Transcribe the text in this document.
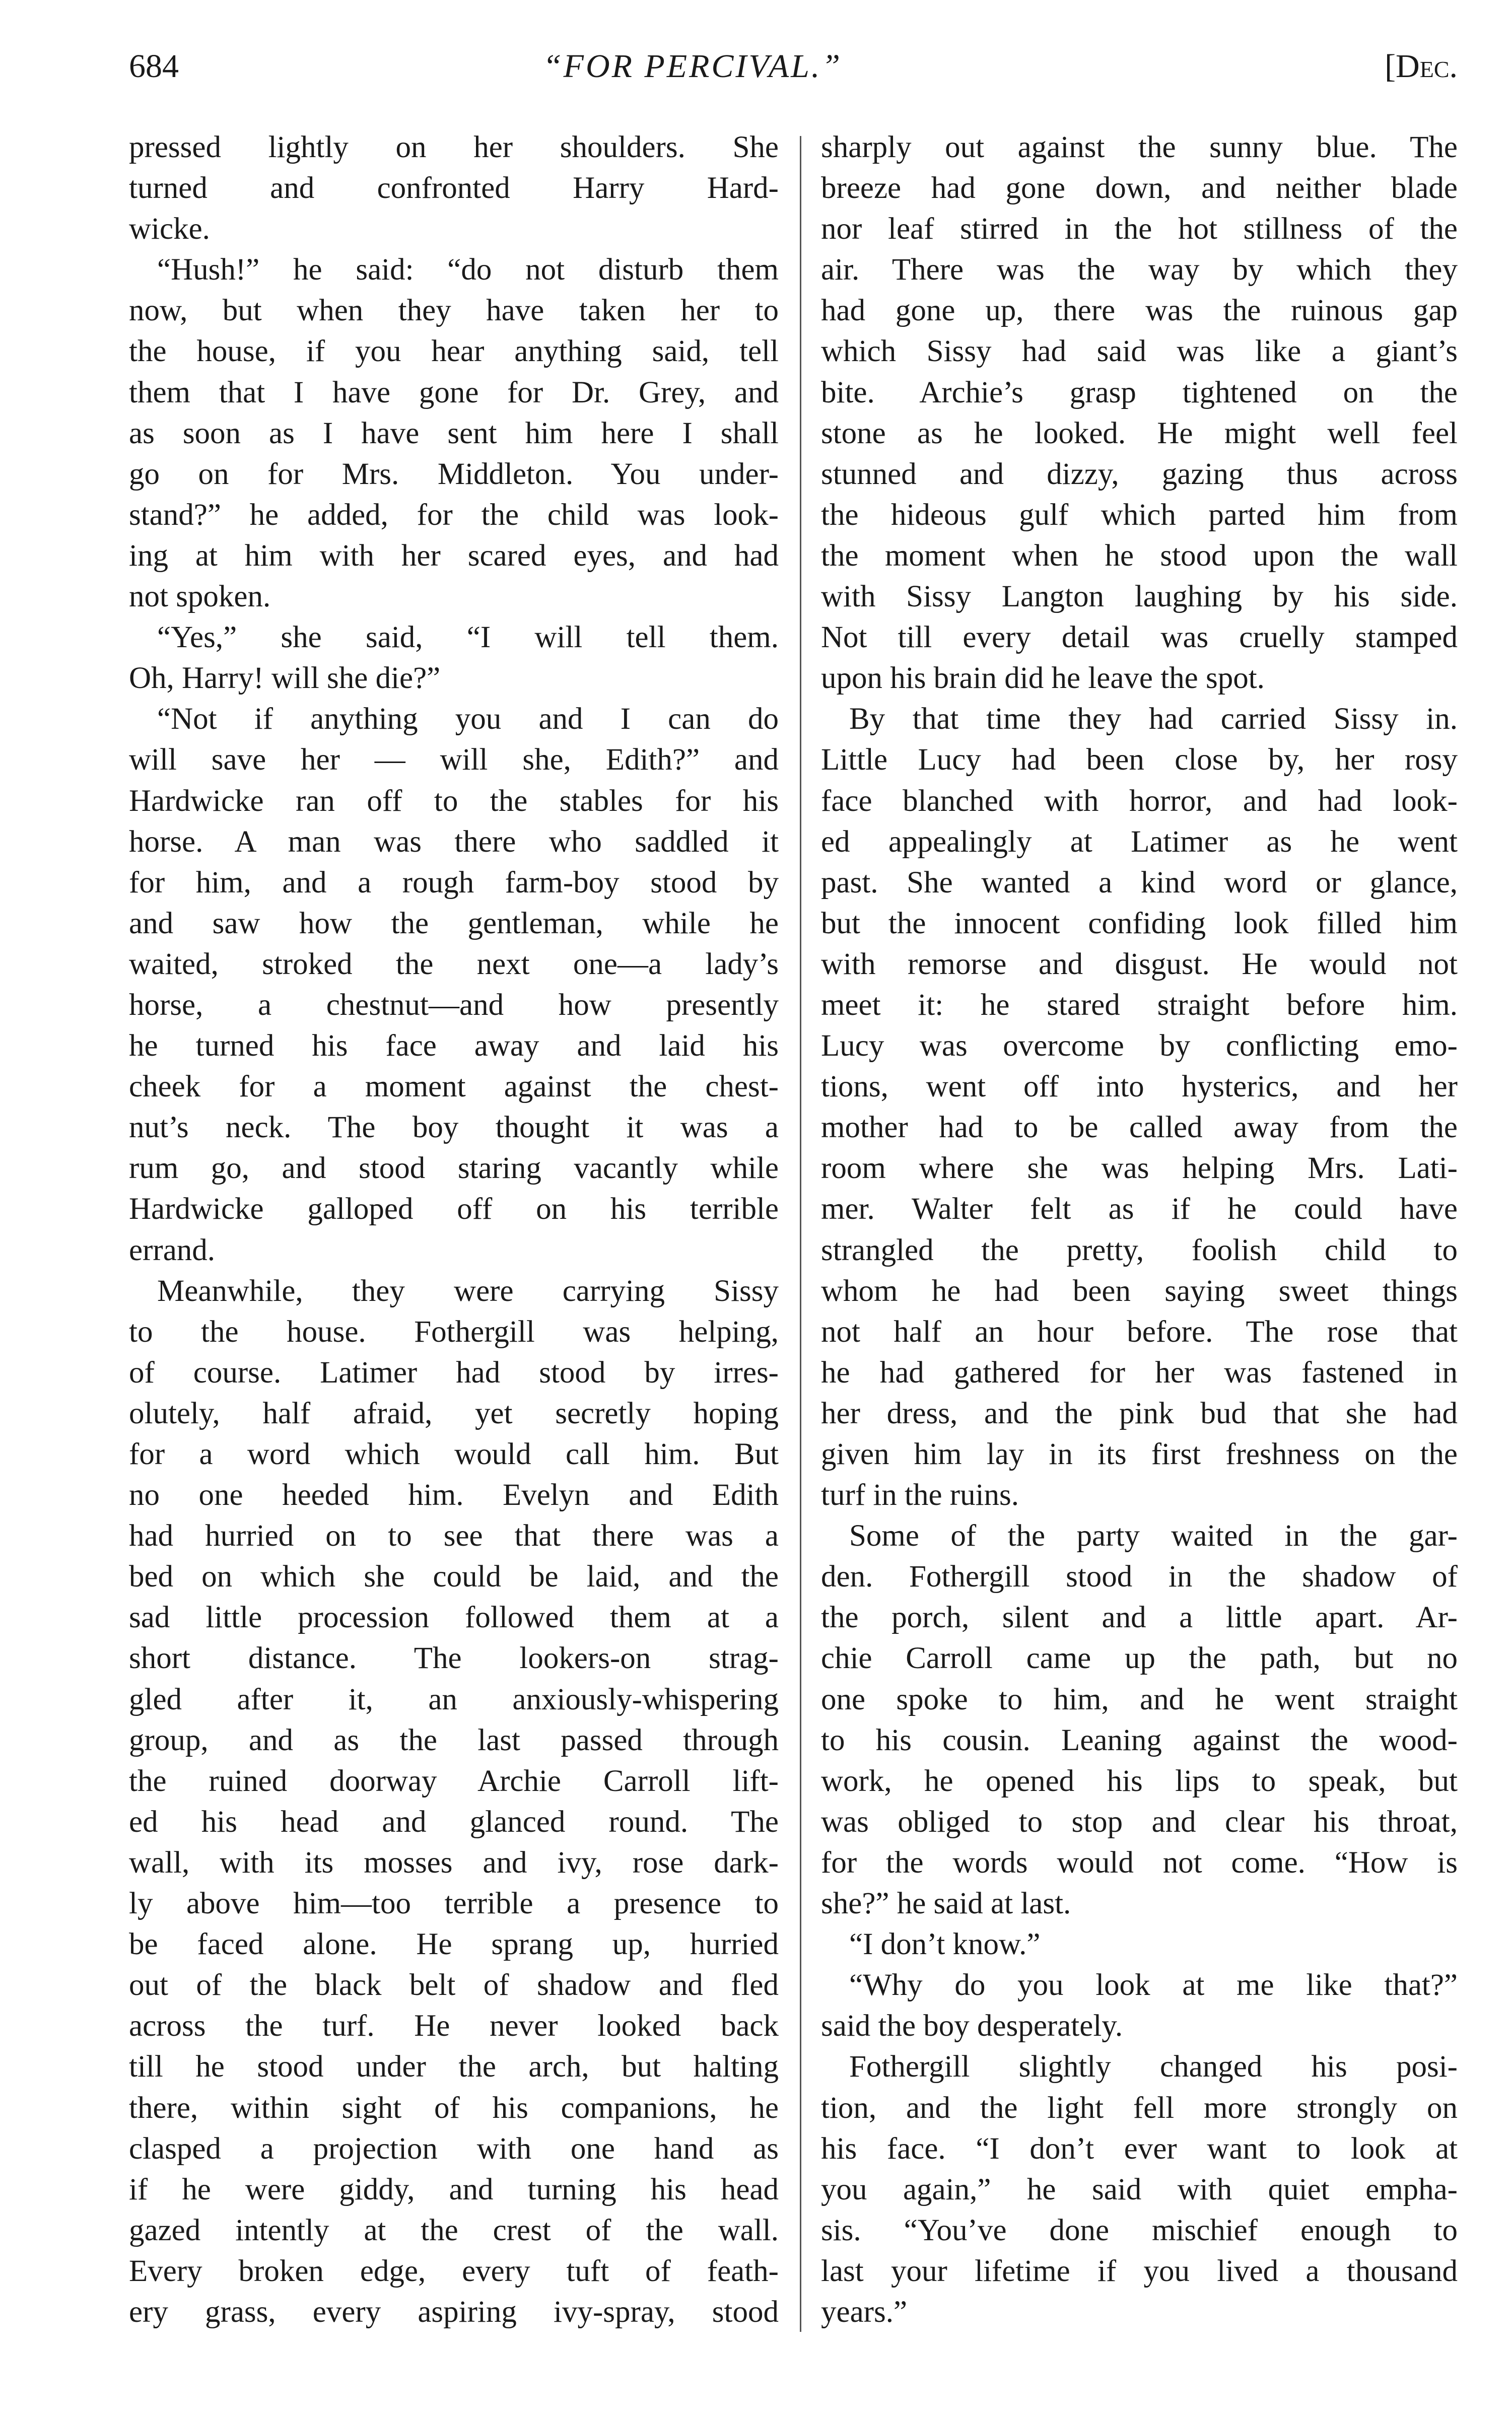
684	“FOR PERCIVAL.”	[Dec.
pressed lightly on her shoulders. She
turned and confronted Harry Hard-
wicke.
“Hush!” he said: “do not disturb them
now, but when they have taken her to
the house, if you hear anything said, tell
them that I have gone for Dr. Grey, and
as soon as I have sent him here I shall
go on for Mrs. Middleton. You under-
stand?” he added, for the child was look-
ing at him with her scared eyes, and had
not spoken.
“Yes,” she said, “I will tell them.
Oh, Harry! will she die?”
“Not if anything you and I can do
will save her — will she, Edith?” and
Hardwicke ran off to the stables for his
horse. A man was there who saddled it
for him, and a rough farm-boy stood by
and saw how the gentleman, while he
waited, stroked the next one—a lady’s
horse, a chestnut—and how presently
he turned his face away and laid his
cheek for a moment against the chest-
nut’s neck. The boy thought it was a
rum go, and stood staring vacantly while
Hardwicke galloped off on his terrible
errand.
Meanwhile, they were carrying Sissy
to the house. Fothergill was helping,
of course. Latimer had stood by irres-
olutely, half afraid, yet secretly hoping
for a word which would call him. But
no one heeded him. Evelyn and Edith
had hurried on to see that there was a
bed on which she could be laid, and the
sad little procession followed them at a
short distance. The lookers-on strag-
gled after it, an anxiously-whispering
group, and as the last passed through
the ruined doorway Archie Carroll lift-
ed his head and glanced round. The
wall, with its mosses and ivy, rose dark-
ly above him—too terrible a presence to
be faced alone. He sprang up, hurried
out of the black belt of shadow and fled
across the turf. He never looked back
till he stood under the arch, but halting
there, within sight of his companions, he
clasped a projection with one hand as
if he were giddy, and turning his head
gazed intently at the crest of the wall.
Every broken edge, every tuft of feath-
ery grass, every aspiring ivy-spray, stood
sharply out against the sunny blue. The
breeze had gone down, and neither blade
nor leaf stirred in the hot stillness of the
air. There was the way by which they
had gone up, there was the ruinous gap
which Sissy had said was like a giant’s
bite. Archie’s grasp tightened on the
stone as he looked. He might well feel
stunned and dizzy, gazing thus across
the hideous gulf which parted him from
the moment when he stood upon the wall
with Sissy Langton laughing by his side.
Not till every detail was cruelly stamped
upon his brain did he leave the spot.
By that time they had carried Sissy in.
Little Lucy had been close by, her rosy
face blanched with horror, and had look-
ed appealingly at Latimer as he went
past. She wanted a kind word or glance,
but the innocent confiding look filled him
with remorse and disgust. He would not
meet it: he stared straight before him.
Lucy was overcome by conflicting emo-
tions, went off into hysterics, and her
mother had to be called away from the
room where she was helping Mrs. Lati-
mer. Walter felt as if he could have
strangled the pretty, foolish child to
whom he had been saying sweet things
not half an hour before. The rose that
he had gathered for her was fastened in
her dress, and the pink bud that she had
given him lay in its first freshness on the
turf in the ruins.
Some of the party waited in the gar-
den. Fothergill stood in the shadow of
the porch, silent and a little apart. Ar-
chie Carroll came up the path, but no
one spoke to him, and he went straight
to his cousin. Leaning against the wood-
work, he opened his lips to speak, but
was obliged to stop and clear his throat,
for the words would not come. “How is
she?” he said at last.
“I don’t know.”
“Why do you look at me like that?”
said the boy desperately.
Fothergill slightly changed his posi-
tion, and the light fell more strongly on
his face. “I don’t ever want to look at
you again,” he said with quiet empha-
sis. “You’ve done mischief enough to
last your lifetime if you lived a thousand
years.”
